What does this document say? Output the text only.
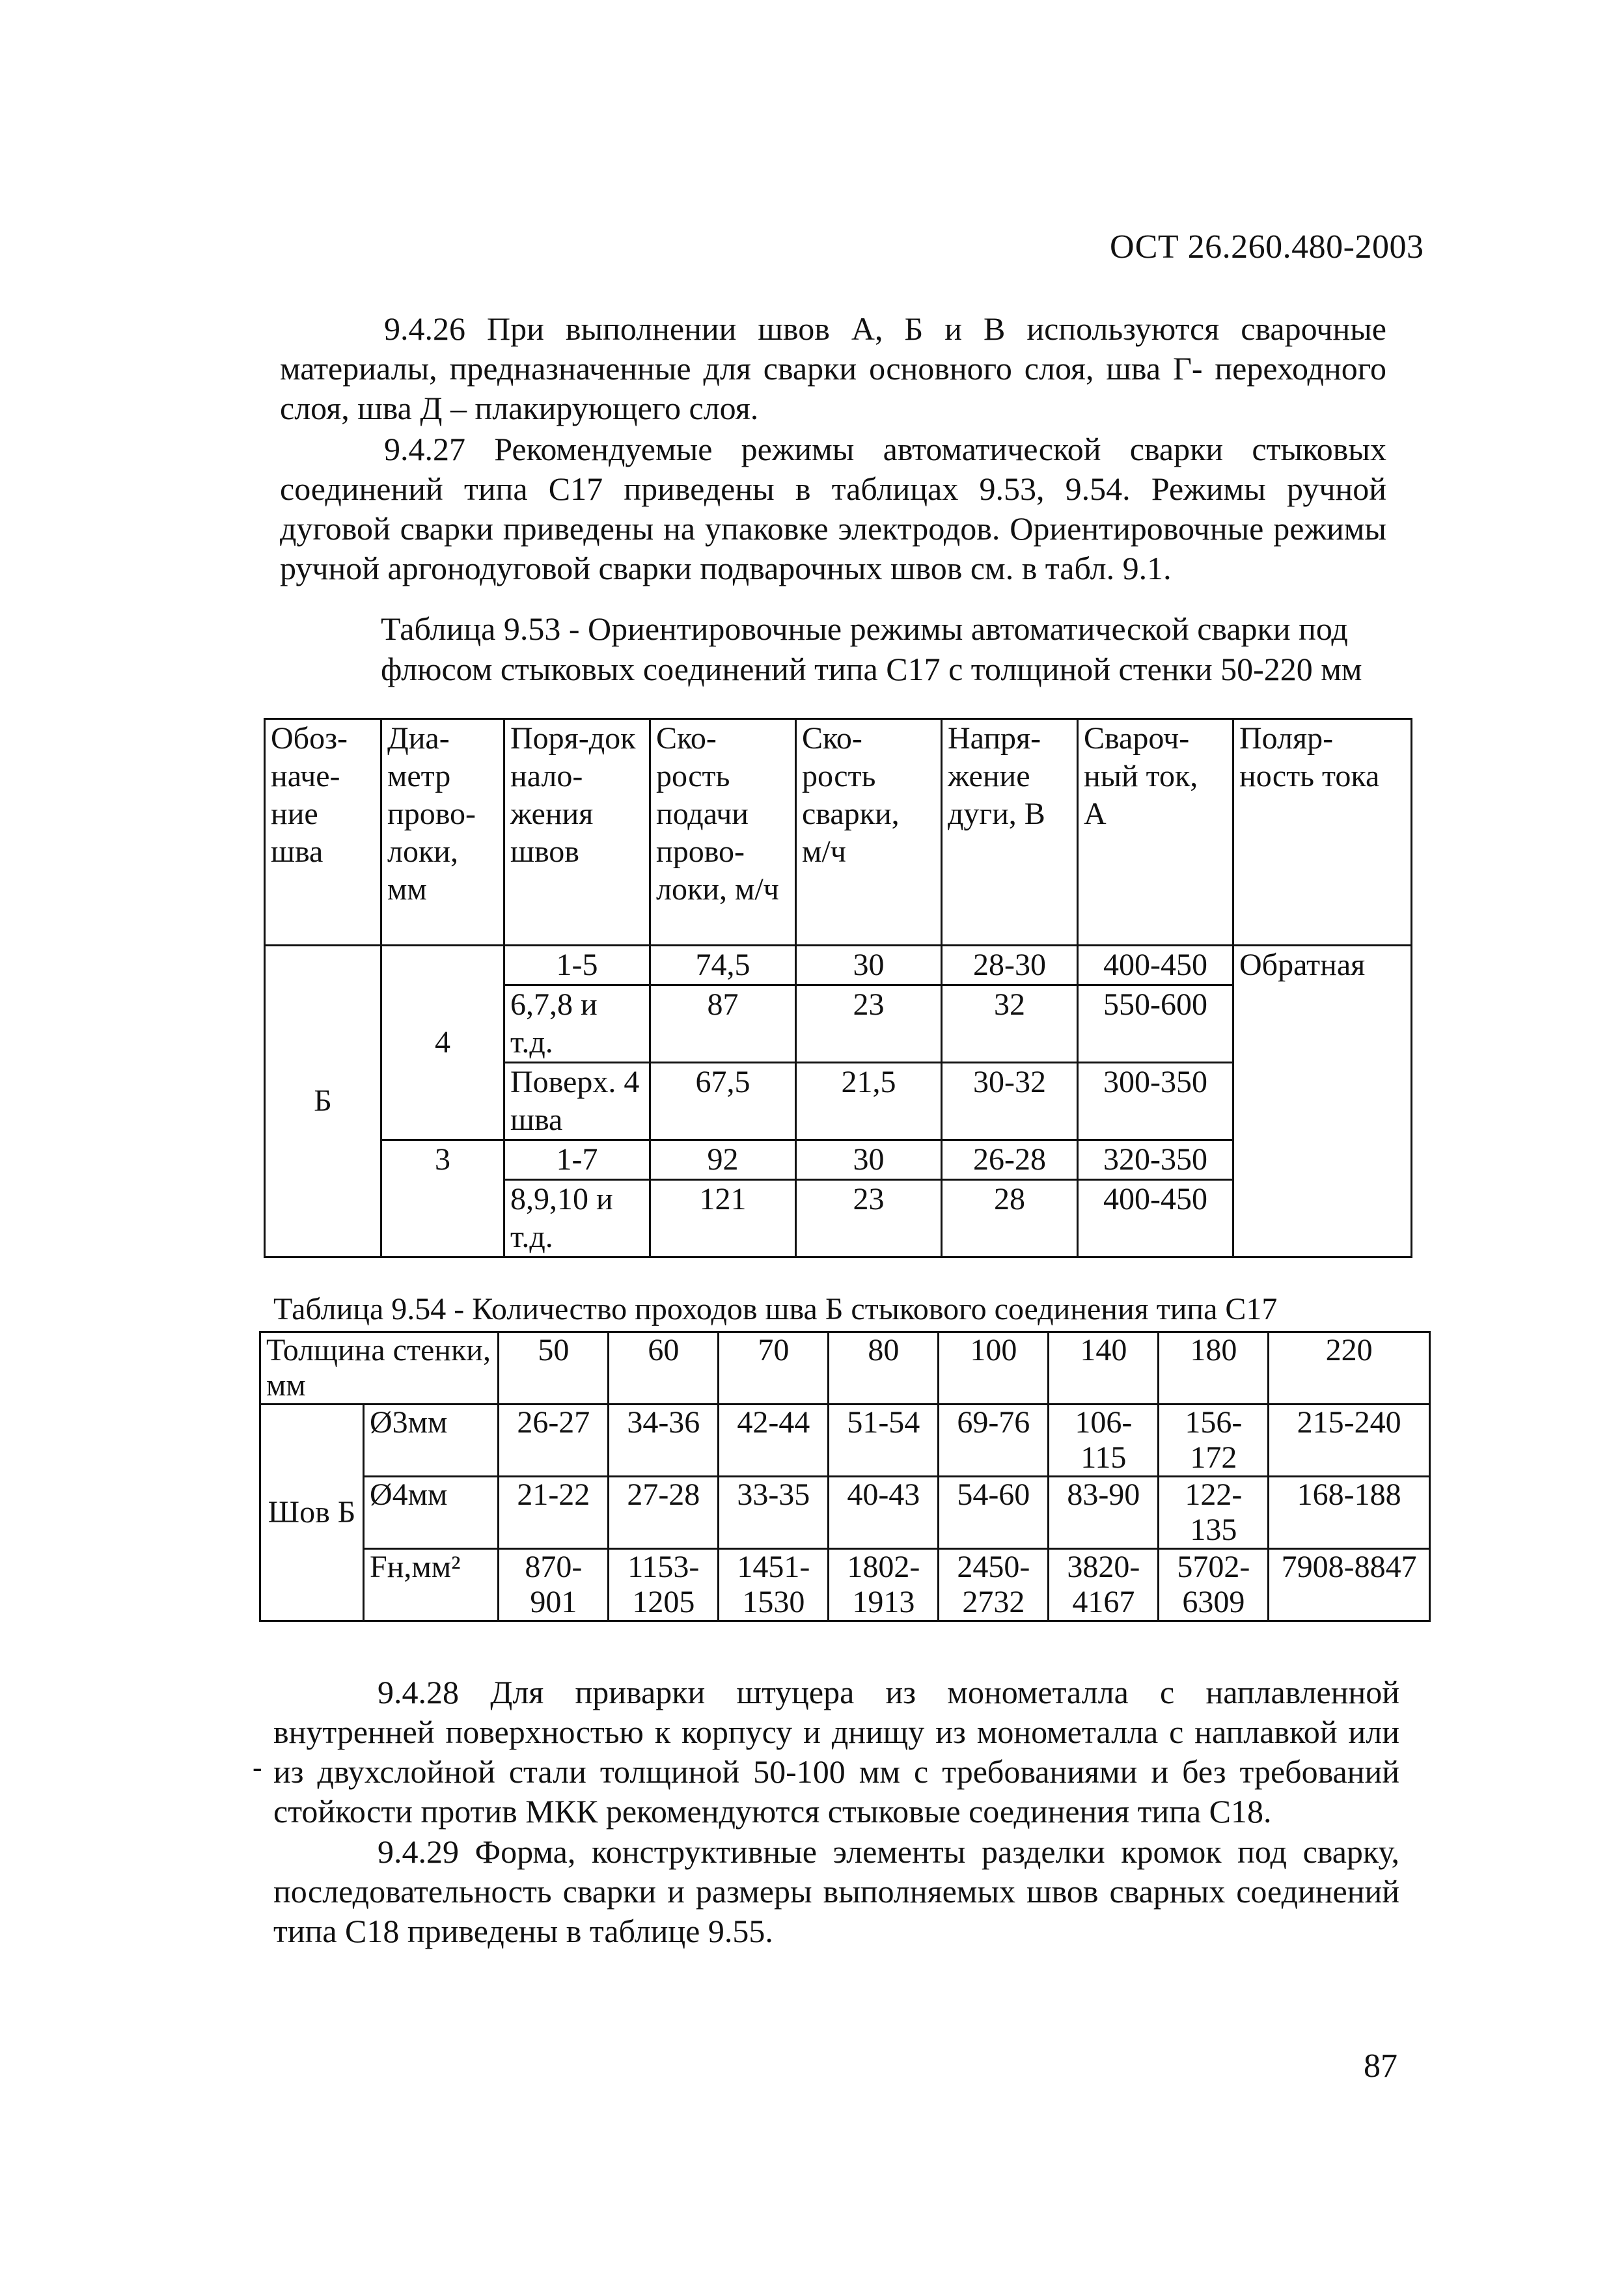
ОСТ 26.260.480-2003
9.4.26 При выполнении швов А, Б и В используются сварочные материалы, предназначенные для сварки основного слоя, шва Г- переходного слоя, шва Д – плакирующего слоя.
9.4.27 Рекомендуемые режимы автоматической сварки стыковых соединений типа С17 приведены в таблицах 9.53, 9.54. Режимы ручной дуговой сварки приведены на упаковке электродов. Ориентировочные режимы ручной аргонодуговой сварки подварочных швов см. в табл. 9.1.
Таблица 9.53 - Ориентировочные режимы автоматической сварки под флюсом стыковых соединений типа С17 с толщиной стенки 50-220 мм
Обоз-наче-ние шва	Диа-метр прово-локи, мм	Поря-док нало-жения швов	Ско-рость подачи прово-локи, м/ч	Ско-рость сварки, м/ч	Напря-жение дуги, В	Свароч-ный ток, А	Поляр-ность тока
Б	4	1-5	74,5	30	28-30	400-450	Обратная
		6,7,8 и т.д.	87	23	32	550-600	
		Поверх. 4 шва	67,5	21,5	30-32	300-350	
	3	1-7	92	30	26-28	320-350	
		8,9,10 и т.д.	121	23	28	400-450	
Таблица 9.54 - Количество проходов шва Б стыкового соединения типа С17
Толщина стенки, мм		50	60	70	80	100	140	180	220
Шов Б	Ø3мм	26-27	34-36	42-44	51-54	69-76	106-115	156-172	215-240
	Ø4мм	21-22	27-28	33-35	40-43	54-60	83-90	122-135	168-188
	Fн,мм²	870-901	1153-1205	1451-1530	1802-1913	2450-2732	3820-4167	5702-6309	7908-8847
9.4.28 Для приварки штуцера из монометалла с наплавленной внутренней поверхностью к корпусу и днищу из монометалла с наплавкой или из двухслойной стали толщиной 50-100 мм с требованиями и без требований стойкости против МКК рекомендуются стыковые соединения типа С18.
-
9.4.29 Форма, конструктивные элементы разделки кромок под сварку, последовательность сварки и размеры выполняемых швов сварных соединений типа С18 приведены в таблице 9.55.
87
